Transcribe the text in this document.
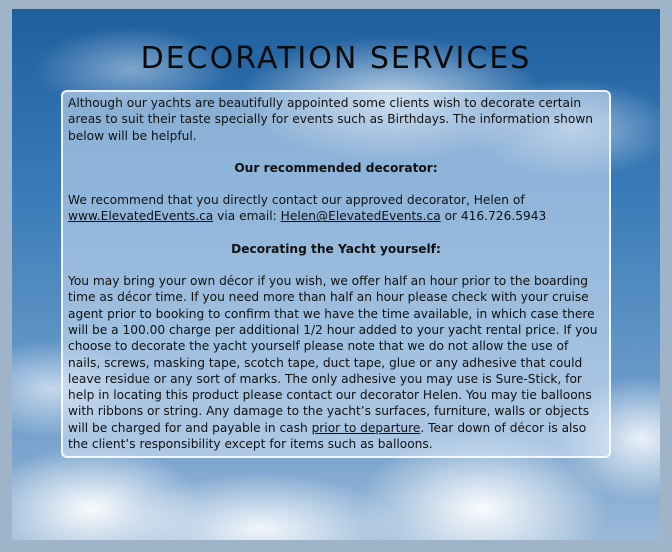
DECORATION SERVICES

Although our yachts are beautifully appointed some clients wish to decorate certain areas to suit their taste specially for events such as Birthdays. The information shown below will be helpful.

Our recommended decorator:

We recommend that you directly contact our approved decorator, Helen of www.ElevatedEvents.ca via email: Helen@ElevatedEvents.ca or 416.726.5943

Decorating the Yacht yourself:

You may bring your own décor if you wish, we offer half an hour prior to the boarding time as décor time. If you need more than half an hour please check with your cruise agent prior to booking to confirm that we have the time available, in which case there will be a 100.00 charge per additional 1/2 hour added to your yacht rental price. If you choose to decorate the yacht yourself please note that we do not allow the use of nails, screws, masking tape, scotch tape, duct tape, glue or any adhesive that could leave residue or any sort of marks. The only adhesive you may use is Sure-Stick, for help in locating this product please contact our decorator Helen. You may tie balloons with ribbons or string. Any damage to the yacht’s surfaces, furniture, walls or objects will be charged for and payable in cash prior to departure. Tear down of décor is also the client’s responsibility except for items such as balloons.
